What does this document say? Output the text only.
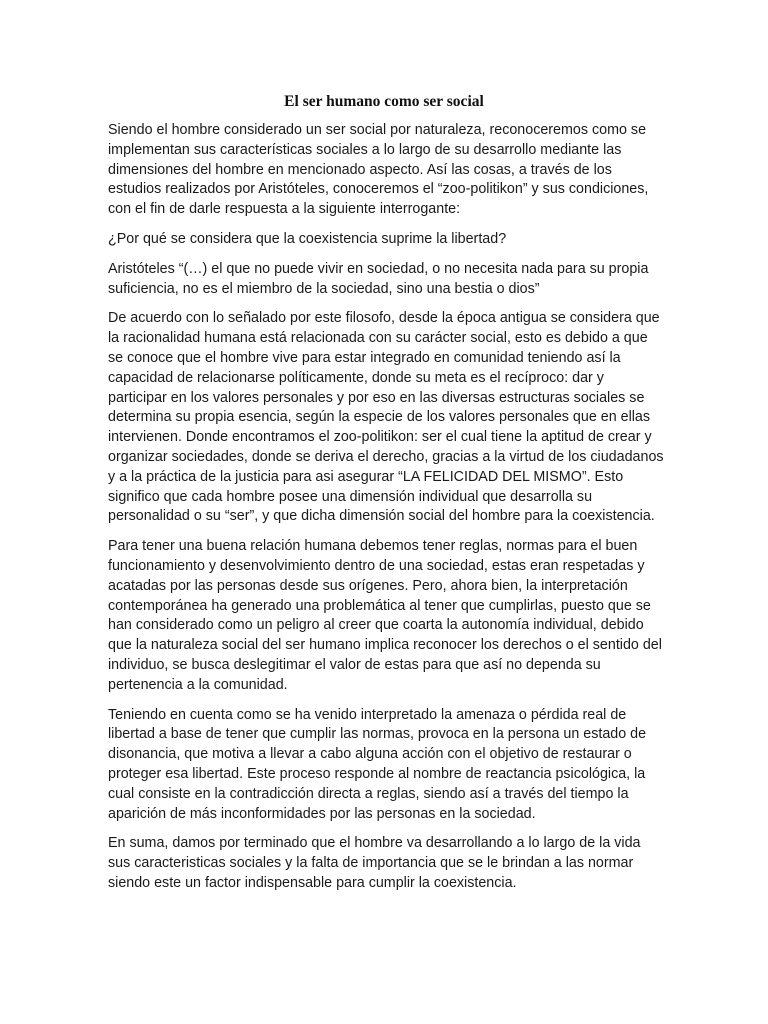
El ser humano como ser social

Siendo el hombre considerado un ser social por naturaleza, reconoceremos como se implementan sus características sociales a lo largo de su desarrollo mediante las dimensiones del hombre en mencionado aspecto. Así las cosas, a través de los estudios realizados por Aristóteles, conoceremos el “zoo-politikon” y sus condiciones, con el fin de darle respuesta a la siguiente interrogante:

¿Por qué se considera que la coexistencia suprime la libertad?

Aristóteles “(…) el que no puede vivir en sociedad, o no necesita nada para su propia suficiencia, no es el miembro de la sociedad, sino una bestia o dios”

De acuerdo con lo señalado por este filosofo, desde la época antigua se considera que la racionalidad humana está relacionada con su carácter social, esto es debido a que se conoce que el hombre vive para estar integrado en comunidad teniendo así la capacidad de relacionarse políticamente, donde su meta es el recíproco: dar y participar en los valores personales y por eso en las diversas estructuras sociales se determina su propia esencia, según la especie de los valores personales que en ellas intervienen. Donde encontramos el zoo-politikon: ser el cual tiene la aptitud de crear y organizar sociedades, donde se deriva el derecho, gracias a la virtud de los ciudadanos y a la práctica de la justicia para asi asegurar “LA FELICIDAD DEL MISMO”. Esto significo que cada hombre posee una dimensión individual que desarrolla su personalidad o su “ser”, y que dicha dimensión social del hombre para la coexistencia.

Para tener una buena relación humana debemos tener reglas, normas para el buen funcionamiento y desenvolvimiento dentro de una sociedad, estas eran respetadas y acatadas por las personas desde sus orígenes. Pero, ahora bien, la interpretación contemporánea ha generado una problemática al tener que cumplirlas, puesto que se han considerado como un peligro al creer que coarta la autonomía individual, debido que la naturaleza social del ser humano implica reconocer los derechos o el sentido del individuo, se busca deslegitimar el valor de estas para que así no dependa su pertenencia a la comunidad.

Teniendo en cuenta como se ha venido interpretado la amenaza o pérdida real de libertad a base de tener que cumplir las normas, provoca en la persona un estado de disonancia, que motiva a llevar a cabo alguna acción con el objetivo de restaurar o proteger esa libertad. Este proceso responde al nombre de reactancia psicológica, la cual consiste en la contradicción directa a reglas, siendo así a través del tiempo la aparición de más inconformidades por las personas en la sociedad.

En suma, damos por terminado que el hombre va desarrollando a lo largo de la vida sus caracteristicas sociales y la falta de importancia que se le brindan a las normar siendo este un factor indispensable para cumplir la coexistencia.
